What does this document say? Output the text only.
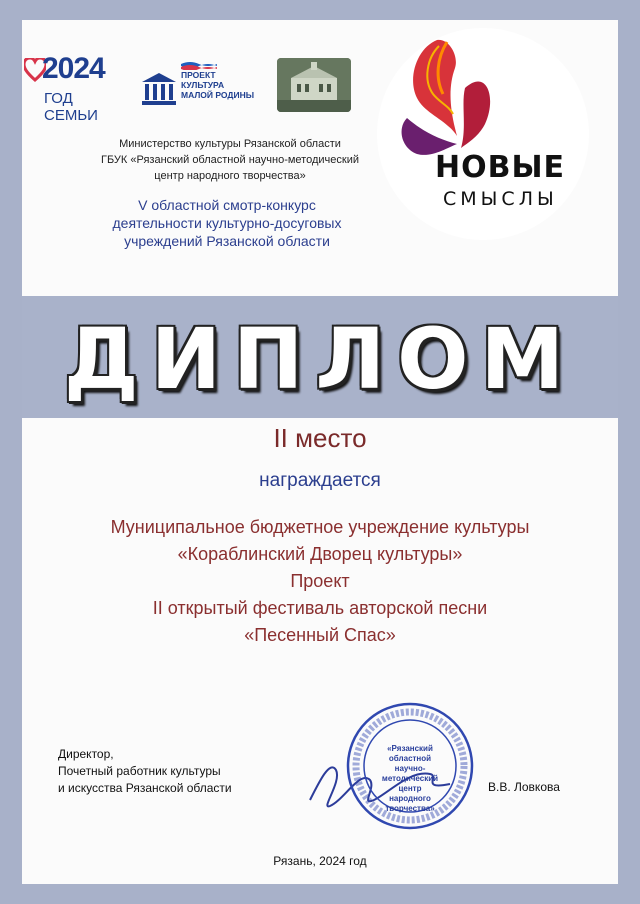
2024
ГОД СЕМЬИ
ПРОЕКТ
КУЛЬТУРА
МАЛОЙ РОДИНЫ
Министерство культуры Рязанской области
ГБУК «Рязанский областной научно-методический
центр народного творчества»
V областной смотр-конкурс
деятельности культурно-досуговых
учреждений Рязанской области
НОВЫЕ
СМЫСЛЫ
ДИПЛОМ
II место
награждается
Муниципальное бюджетное учреждение культуры
«Кораблинский Дворец культуры»
Проект
II открытый фестиваль авторской песни
«Песенный Спас»
Директор,
Почетный работник культуры
и искусства Рязанской области
«Рязанский
областной научно-
методический
центр народного
творчества»
В.В. Ловкова
Рязань, 2024 год
